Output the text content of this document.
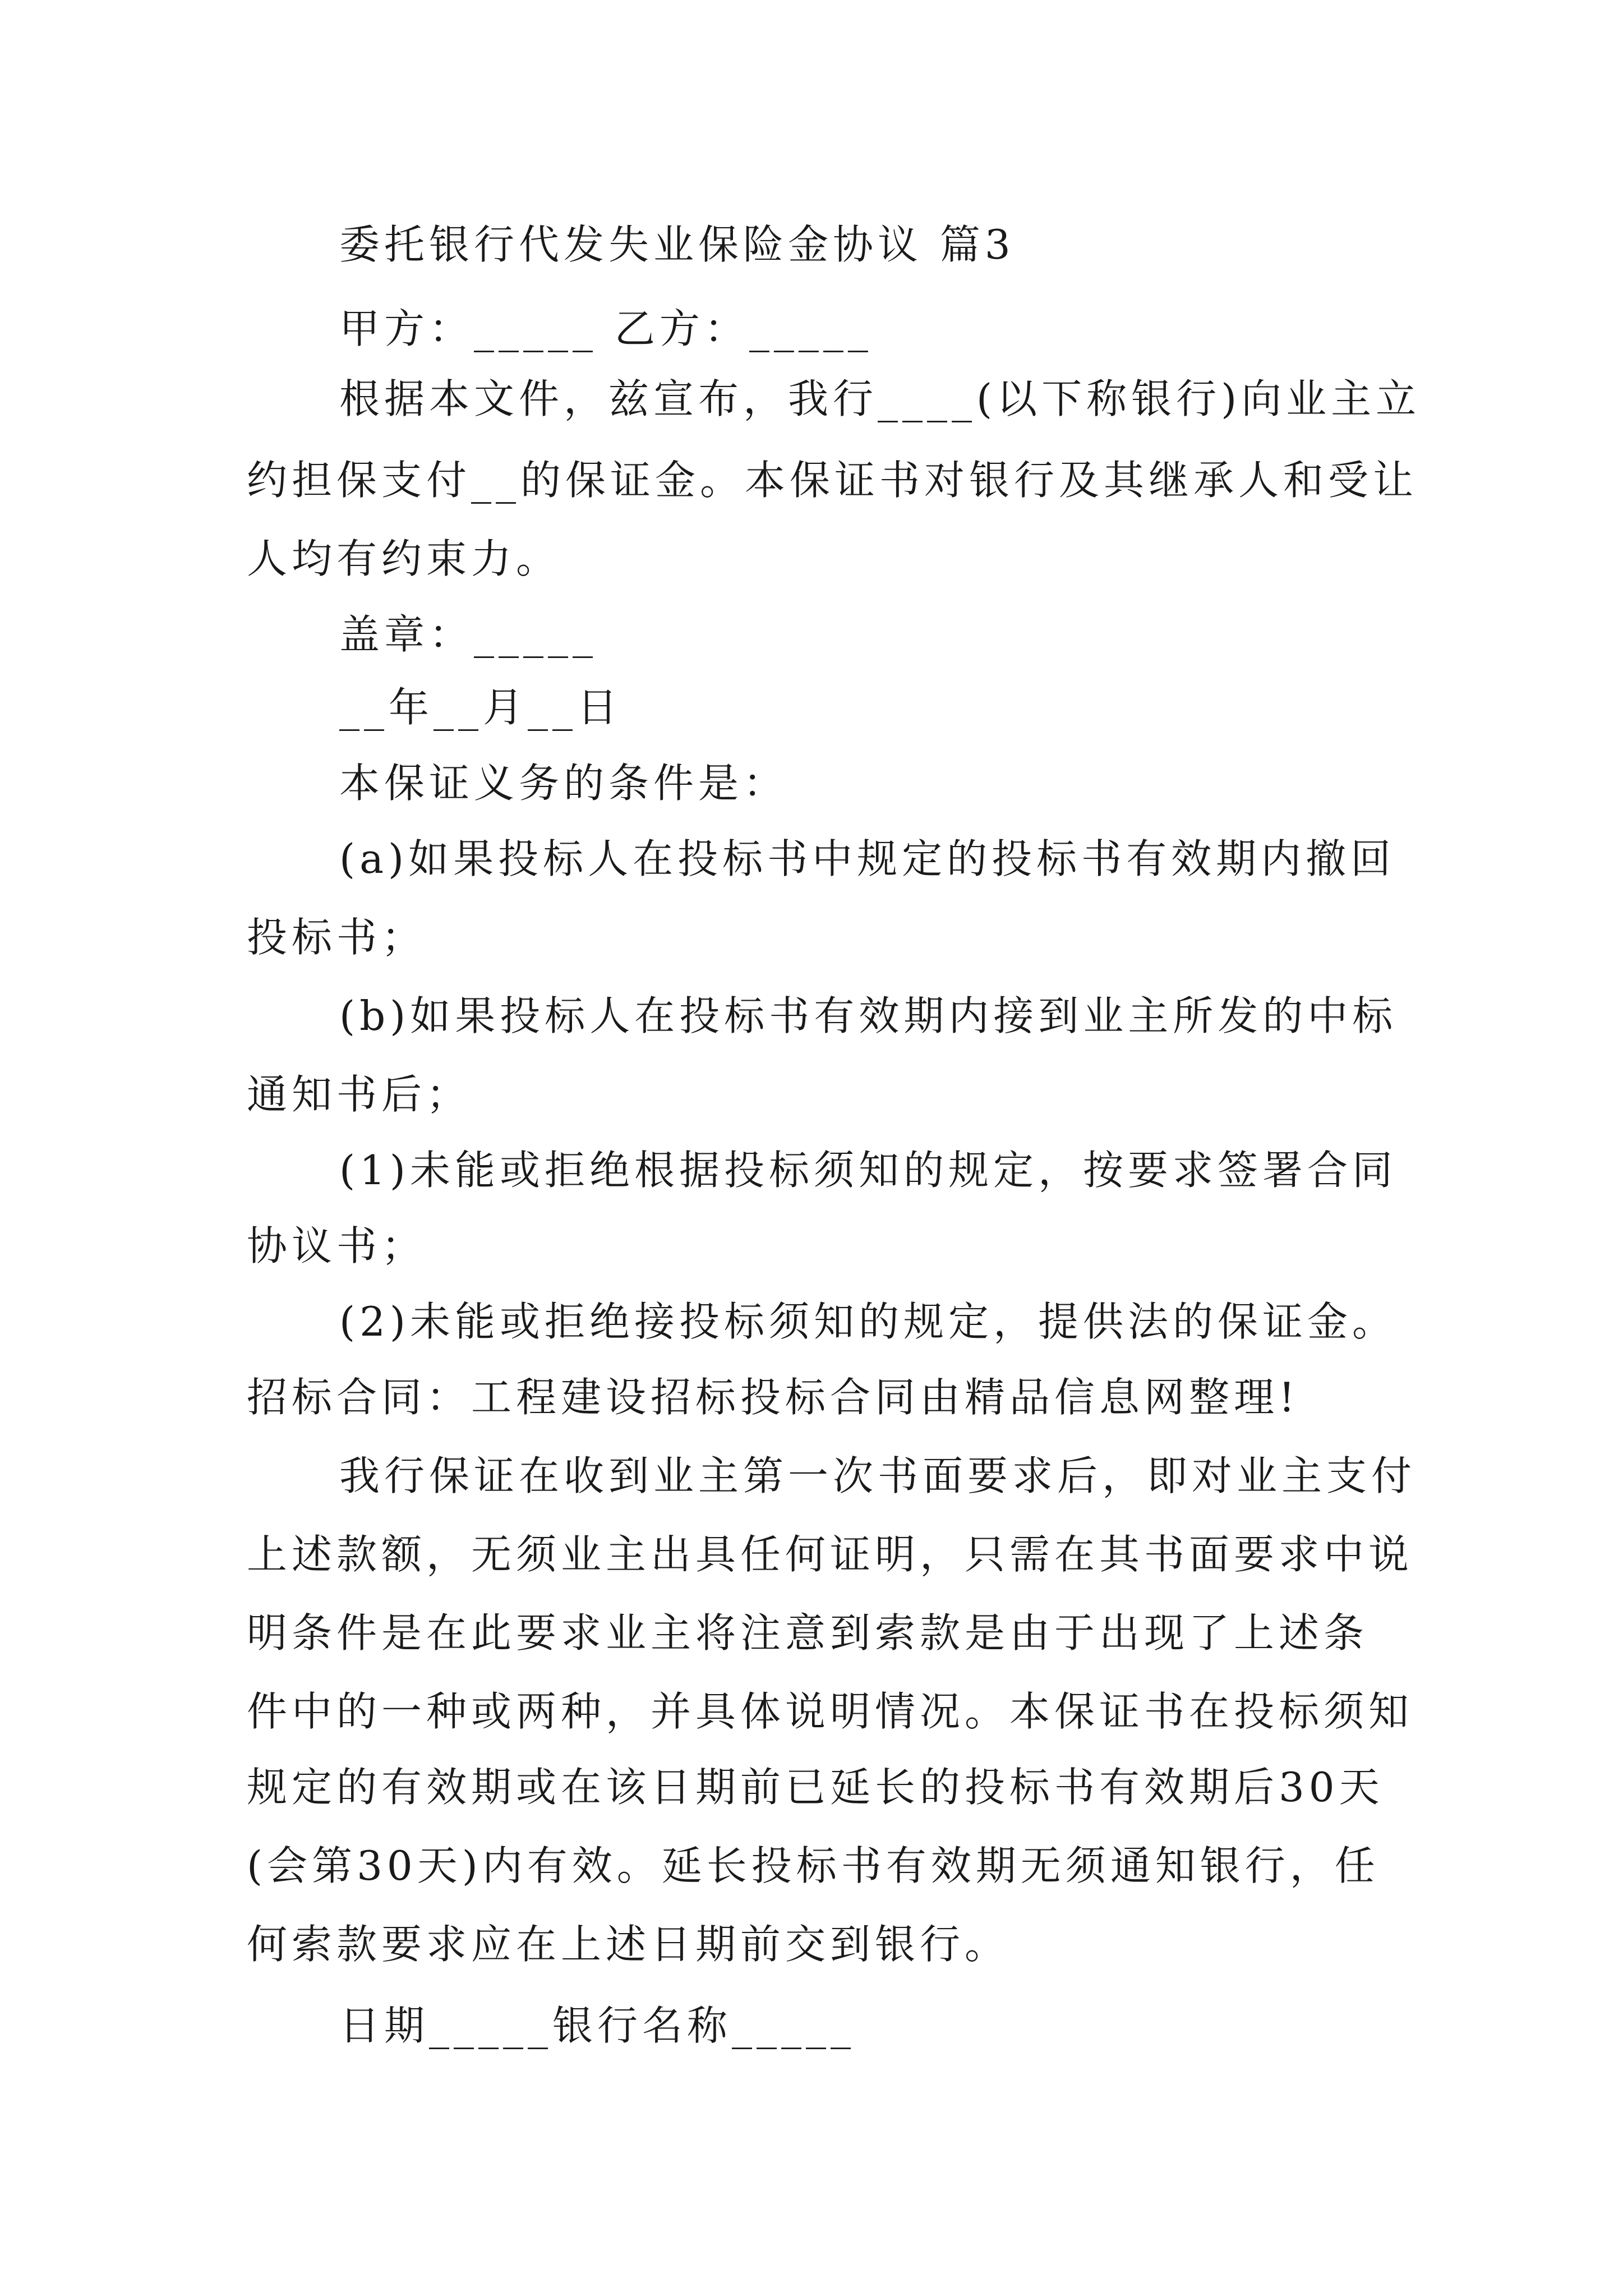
委托银行代发失业保险金协议 篇3
甲方：_____ 乙方：_____
根据本文件，兹宣布，我行____(以下称银行)向业主立
约担保支付__的保证金。本保证书对银行及其继承人和受让
人均有约束力。
盖章：_____
__年__月__日
本保证义务的条件是：
(a)如果投标人在投标书中规定的投标书有效期内撤回
投标书；
(b)如果投标人在投标书有效期内接到业主所发的中标
通知书后；
(1)未能或拒绝根据投标须知的规定，按要求签署合同
协议书；
(2)未能或拒绝接投标须知的规定，提供法的保证金。
招标合同：工程建设招标投标合同由精品信息网整理!
我行保证在收到业主第一次书面要求后，即对业主支付
上述款额，无须业主出具任何证明，只需在其书面要求中说
明条件是在此要求业主将注意到索款是由于出现了上述条
件中的一种或两种，并具体说明情况。本保证书在投标须知
规定的有效期或在该日期前已延长的投标书有效期后30天
(会第30天)内有效。延长投标书有效期无须通知银行，任
何索款要求应在上述日期前交到银行。
日期_____银行名称_____
